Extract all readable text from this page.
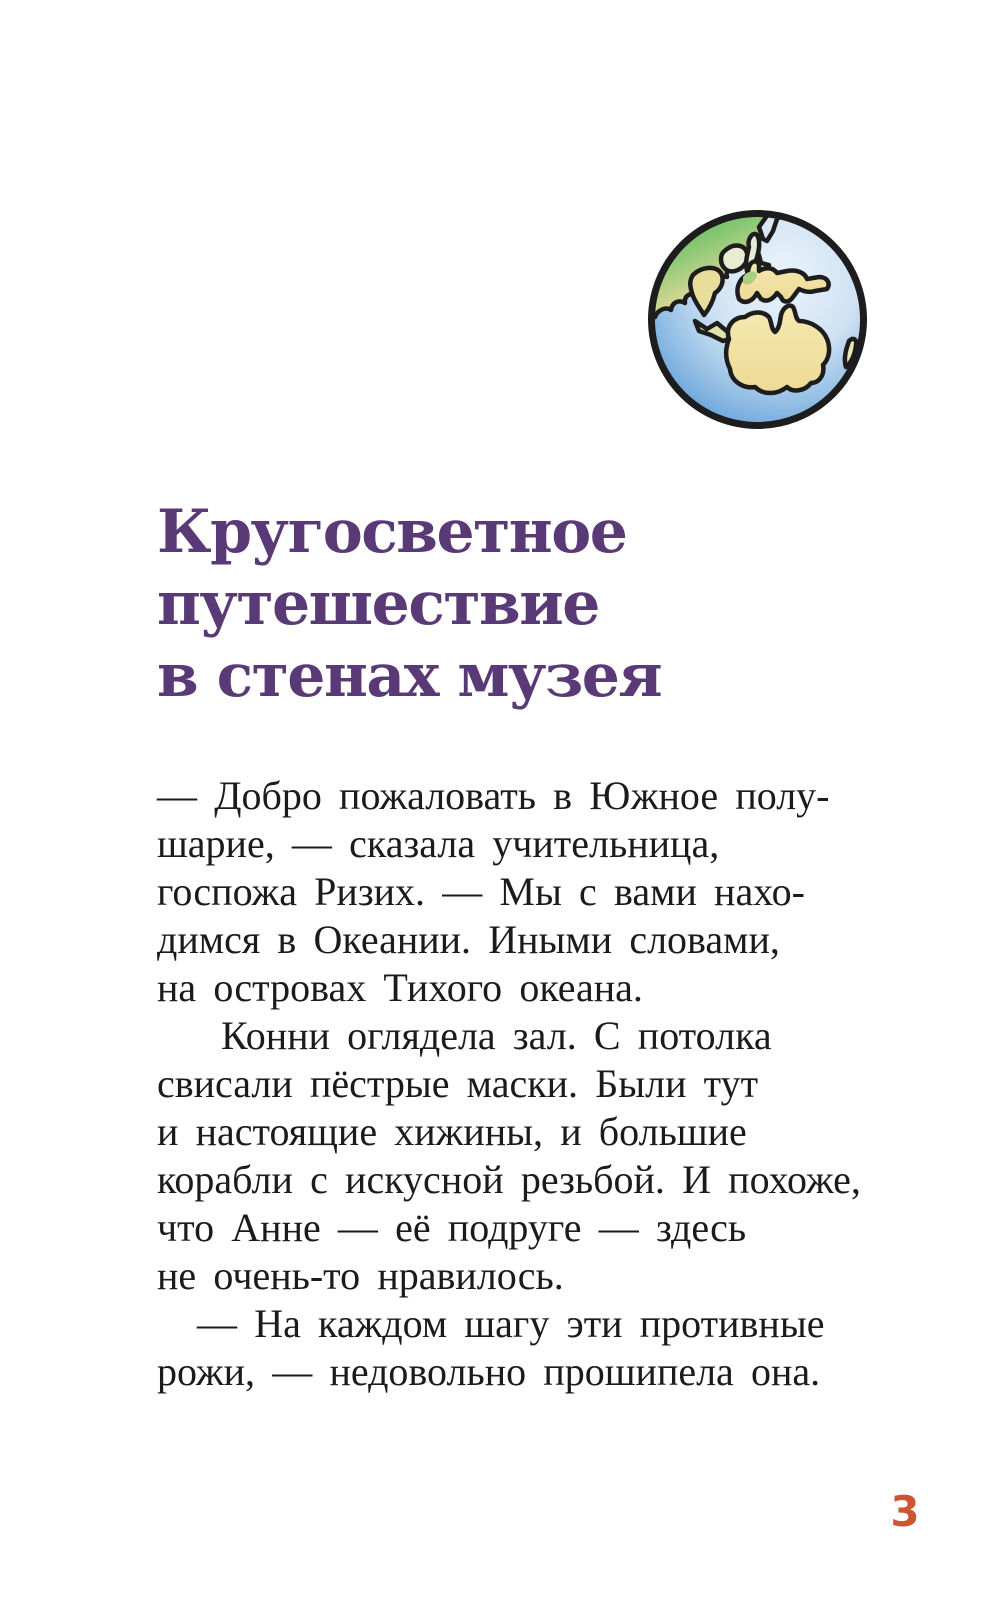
Кругосветное
путешествие
в стенах музея
— Добро пожаловать в Южное полу-
шарие, — сказала учительница,
госпожа Ризих. — Мы с вами нахо-
димся в Океании. Иными словами,
на островах Тихого океана.
Конни оглядела зал. С потолка
свисали пёстрые маски. Были тут
и настоящие хижины, и большие
корабли с искусной резьбой. И похоже,
что Анне — её подруге — здесь
не очень-то нравилось.
— На каждом шагу эти противные
рожи, — недовольно прошипела она.
3
